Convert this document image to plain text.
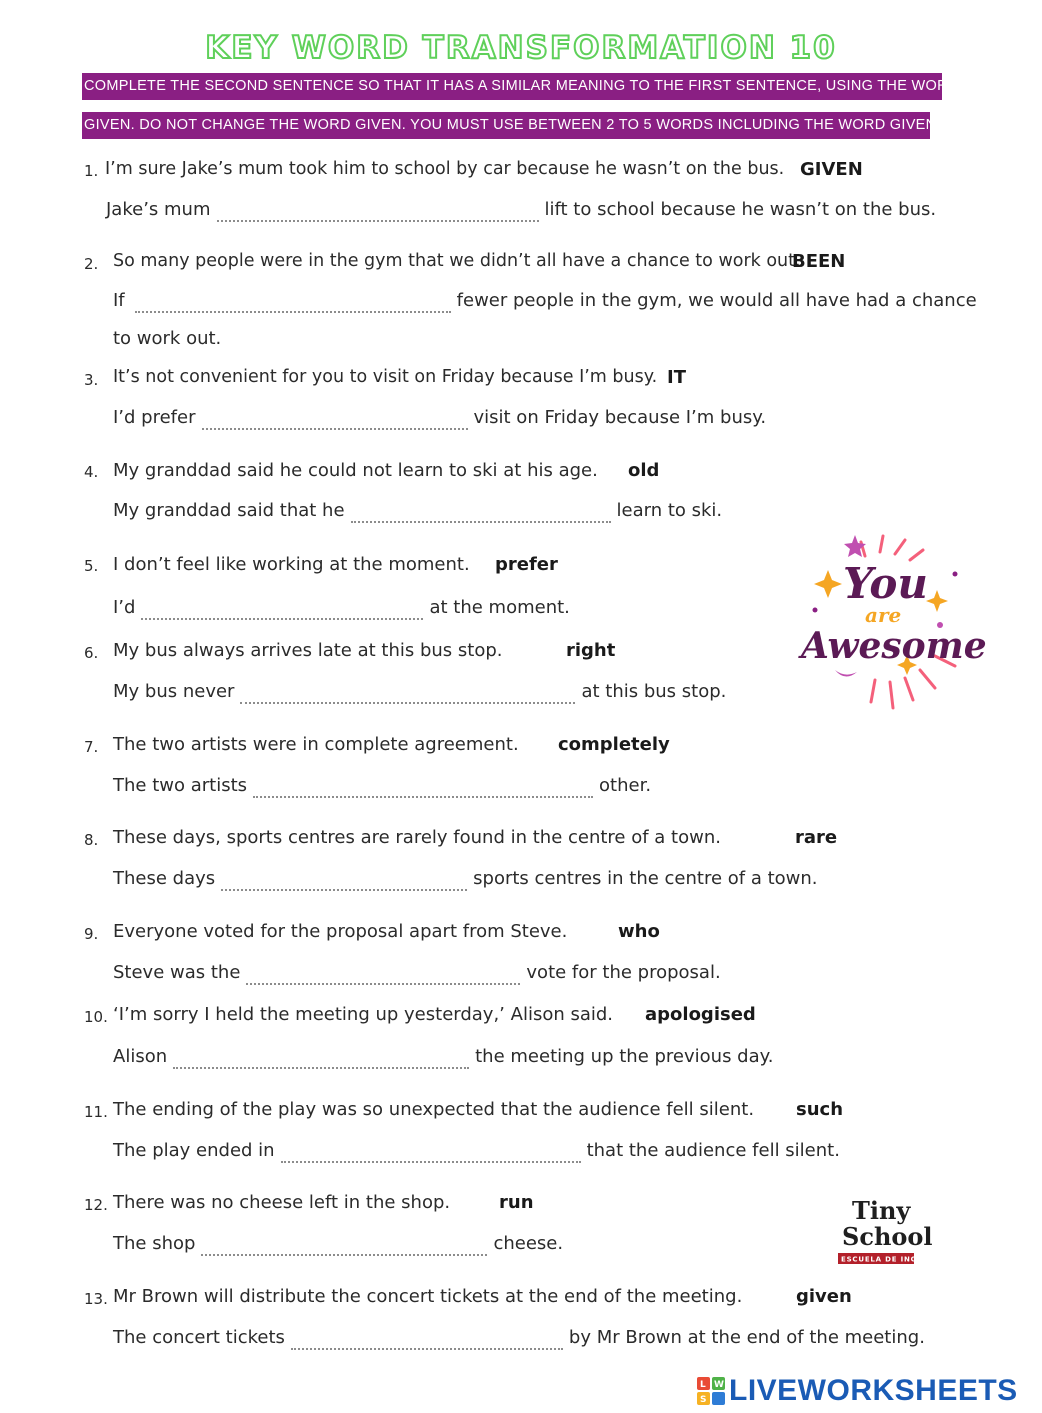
KEY WORD TRANSFORMATION 10
COMPLETE THE SECOND SENTENCE SO THAT IT HAS A SIMILAR MEANING TO THE FIRST SENTENCE, USING THE WORD
GIVEN. DO NOT CHANGE THE WORD GIVEN. YOU MUST USE BETWEEN 2 TO 5 WORDS INCLUDING THE WORD GIVEN.
1. I’m sure Jake’s mum took him to school by car because he wasn’t on the bus. GIVEN
Jake’s mum	lift to school because he wasn’t on the bus.
2. So many people were in the gym that we didn’t all have a chance to work out.
BEEN
If	fewer people in the gym, we would all have had a chance
to work out.
3. It’s not convenient for you to visit on Friday because I’m busy. IT
I’d prefer	visit on Friday because I’m busy.
4. My granddad said he could not learn to ski at his age. old
My granddad said that he	learn to ski.
5. I don’t feel like working at the moment. prefer
I’d	at the moment.
6. My bus always arrives late at this bus stop.	right
My bus never	at this bus stop.
7. The two artists were in complete agreement. completely
The two artists	other.
8. These days, sports centres are rarely found in the centre of a town.	rare
These days	sports centres in the centre of a town.
9. Everyone voted for the proposal apart from Steve.	who
Steve was the	vote for the proposal.
10. ‘I’m sorry I held the meeting up yesterday,’ Alison said. apologised
Alison	the meeting up the previous day.
11. The ending of the play was so unexpected that the audience fell silent. such
The play ended in	that the audience fell silent.
12. There was no cheese left in the shop.	run
The shop	cheese.
13. Mr Brown will distribute the concert tickets at the end of the meeting.	given
The concert tickets	by Mr Brown at the end of the meeting.
You
are
Awesome
Tiny
School
ESCUELA DE INGLES
L W
S LIVEWORKSHEETS
